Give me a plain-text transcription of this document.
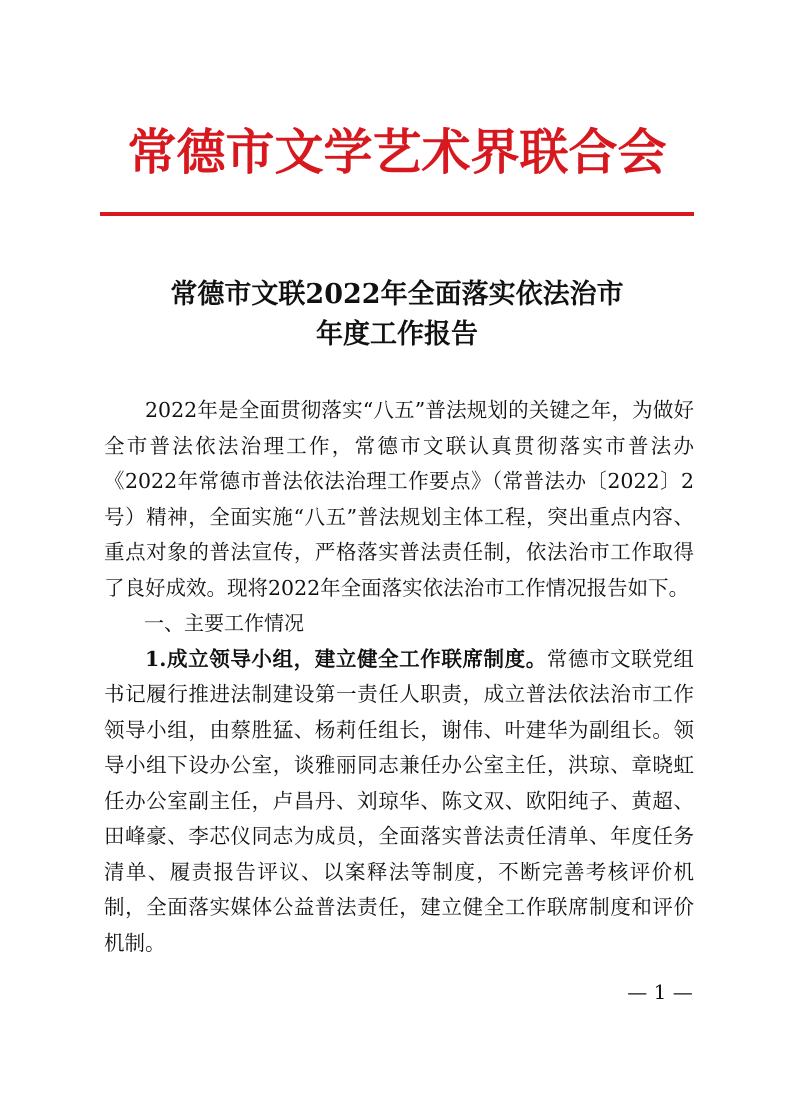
常德市文学艺术界联合会
常德市文联2022年全面落实依法治市
年度工作报告

2022年是全面贯彻落实“八五”普法规划的关键之年，为做好全市普法依法治理工作，常德市文联认真贯彻落实市普法办《2022年常德市普法依法治理工作要点》（常普法办〔2022〕2号）精神，全面实施“八五”普法规划主体工程，突出重点内容、重点对象的普法宣传，严格落实普法责任制，依法治市工作取得了良好成效。现将2022年全面落实依法治市工作情况报告如下。

一、主要工作情况

1.成立领导小组，建立健全工作联席制度。常德市文联党组书记履行推进法制建设第一责任人职责，成立普法依法治市工作领导小组，由蔡胜猛、杨莉任组长，谢伟、叶建华为副组长。领导小组下设办公室，谈雅丽同志兼任办公室主任，洪琼、章晓虹任办公室副主任，卢昌丹、刘琼华、陈文双、欧阳纯子、黄超、田峰豪、李芯仪同志为成员，全面落实普法责任清单、年度任务清单、履责报告评议、以案释法等制度，不断完善考核评价机制，全面落实媒体公益普法责任，建立健全工作联席制度和评价机制。

— 1 —
